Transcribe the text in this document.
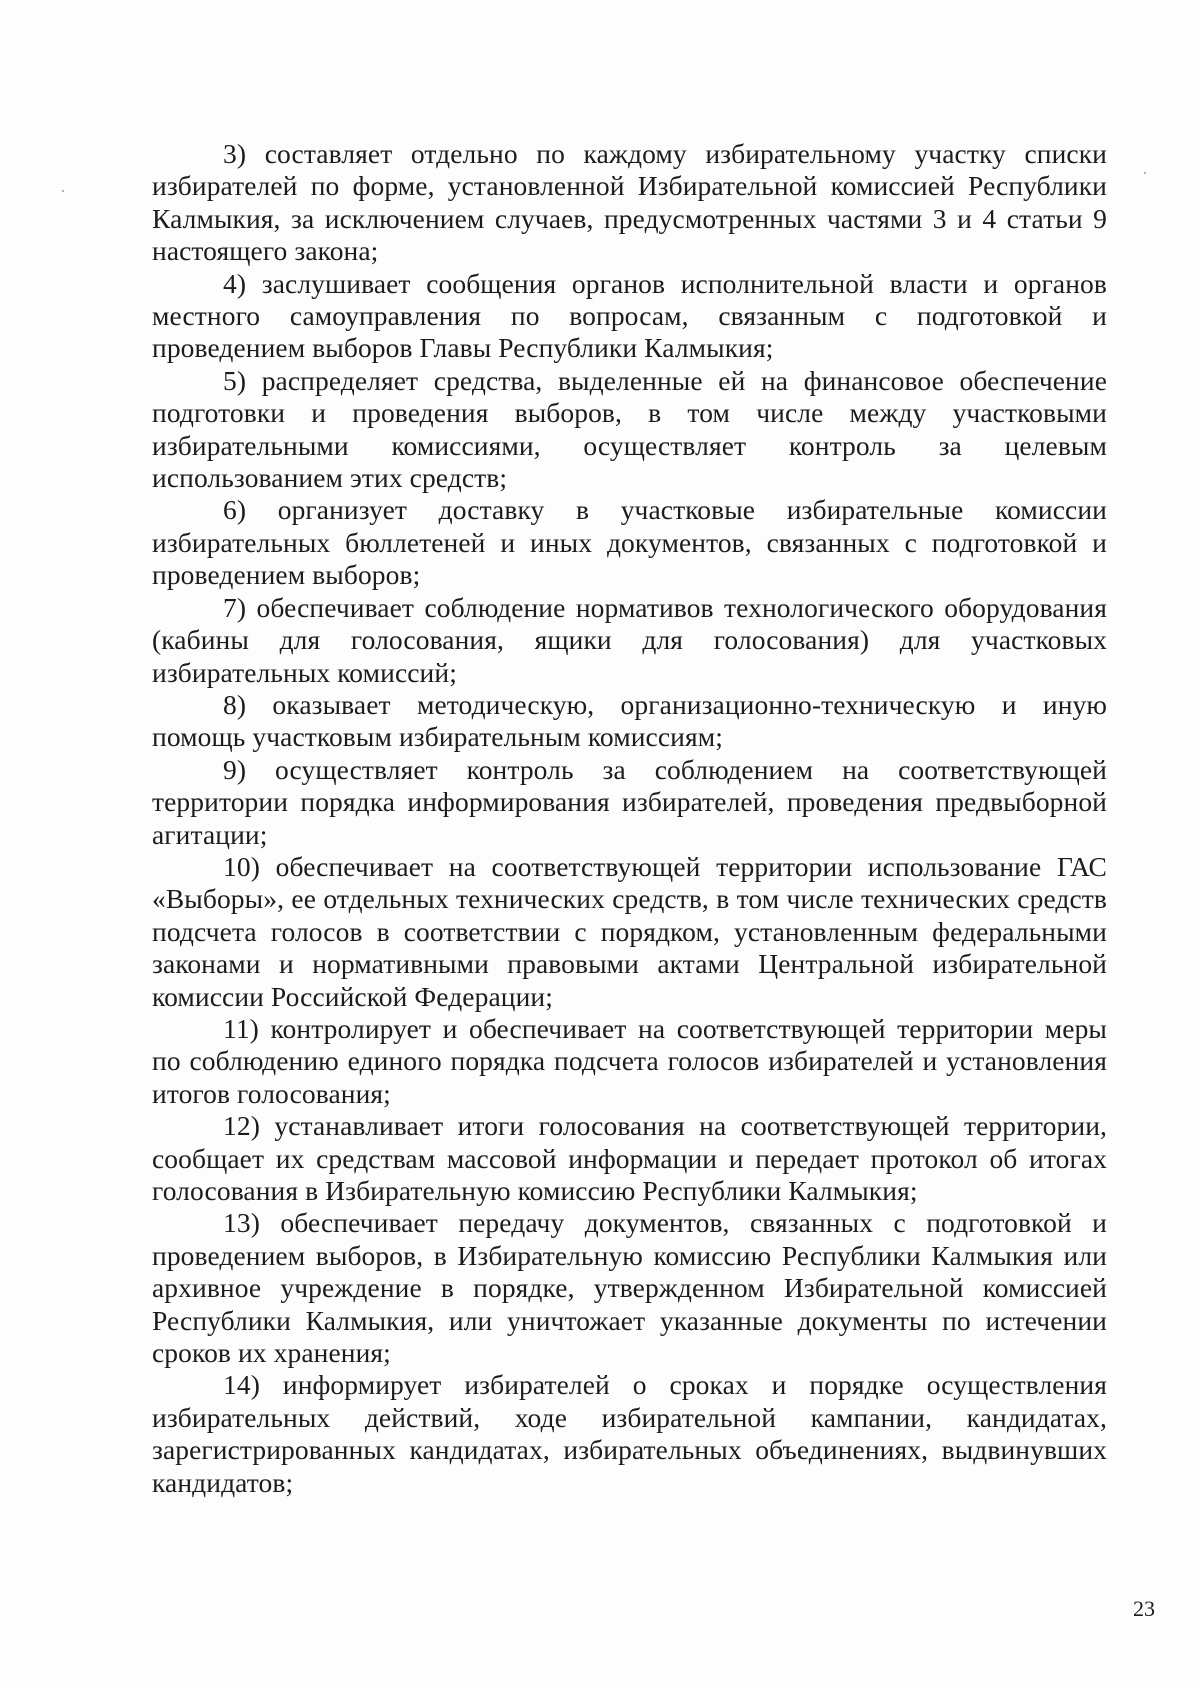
3) составляет отдельно по каждому избирательному участку списки избирателей по форме, установленной Избирательной комиссией Республики Калмыкия, за исключением случаев, предусмотренных частями 3 и 4 статьи 9 настоящего закона;

4) заслушивает сообщения органов исполнительной власти и органов местного самоуправления по вопросам, связанным с подготовкой и проведением выборов Главы Республики Калмыкия;

5) распределяет средства, выделенные ей на финансовое обеспечение подготовки и проведения выборов, в том числе между участковыми избирательными комиссиями, осуществляет контроль за целевым использованием этих средств;

6) организует доставку в участковые избирательные комиссии избирательных бюллетеней и иных документов, связанных с подготовкой и проведением выборов;

7) обеспечивает соблюдение нормативов технологического оборудования (кабины для голосования, ящики для голосования) для участковых избирательных комиссий;

8) оказывает методическую, организационно-техническую и иную помощь участковым избирательным комиссиям;

9) осуществляет контроль за соблюдением на соответствующей территории порядка информирования избирателей, проведения предвыборной агитации;

10) обеспечивает на соответствующей территории использование ГАС «Выборы», ее отдельных технических средств, в том числе технических средств подсчета голосов в соответствии с порядком, установленным федеральными законами и нормативными правовыми актами Центральной избирательной комиссии Российской Федерации;

11) контролирует и обеспечивает на соответствующей территории меры по соблюдению единого порядка подсчета голосов избирателей и установления итогов голосования;

12) устанавливает итоги голосования на соответствующей территории, сообщает их средствам массовой информации и передает протокол об итогах голосования в Избирательную комиссию Республики Калмыкия;

13) обеспечивает передачу документов, связанных с подготовкой и проведением выборов, в Избирательную комиссию Республики Калмыкия или архивное учреждение в порядке, утвержденном Избирательной комиссией Республики Калмыкия, или уничтожает указанные документы по истечении сроков их хранения;

14) информирует избирателей о сроках и порядке осуществления избирательных действий, ходе избирательной кампании, кандидатах, зарегистрированных кандидатах, избирательных объединениях, выдвинувших кандидатов;

23
